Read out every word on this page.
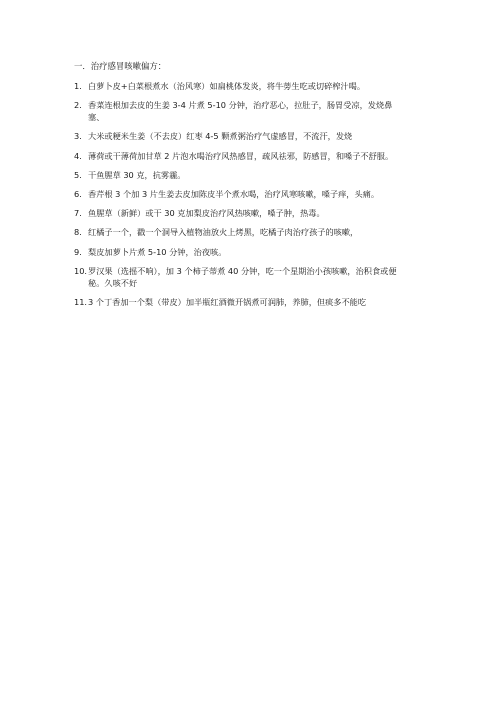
一．治疗感冒咳嗽偏方：
1. 白萝卜皮+白菜根煮水（治风寒）如扁桃体发炎，将牛蒡生吃或切碎榨汁喝。
2. 香菜连根加去皮的生姜 3-4 片煮 5-10 分钟，治疗恶心，拉肚子，肠胃受凉，发烧鼻塞、
3. 大米或粳米生姜（不去皮）红枣 4-5 颗煮粥治疗气虚感冒，不流汗，发烧
4. 薄荷或干薄荷加甘草 2 片泡水喝治疗风热感冒，疏风祛邪，防感冒，和嗓子不舒服。
5. 干鱼腥草 30 克，抗雾霾。
6. 香芹根 3 个加 3 片生姜去皮加陈皮半个煮水喝，治疗风寒咳嗽，嗓子痒，头痛。
7. 鱼腥草（新鲜）或干 30 克加梨皮治疗风热咳嗽，嗓子肿，热毒。
8. 红橘子一个，戳一个洞导入植物油放火上烤黑，吃橘子肉治疗孩子的咳嗽，
9. 梨皮加萝卜片煮 5-10 分钟，治夜咳。
10. 罗汉果（选摇不响），加 3 个柿子蒂煮 40 分钟，吃一个星期治小孩咳嗽，治积食或便秘。久咳不好
11. 3 个丁香加一个梨（带皮）加半瓶红酒微开锅煮可润肺，养肺，但痰多不能吃
